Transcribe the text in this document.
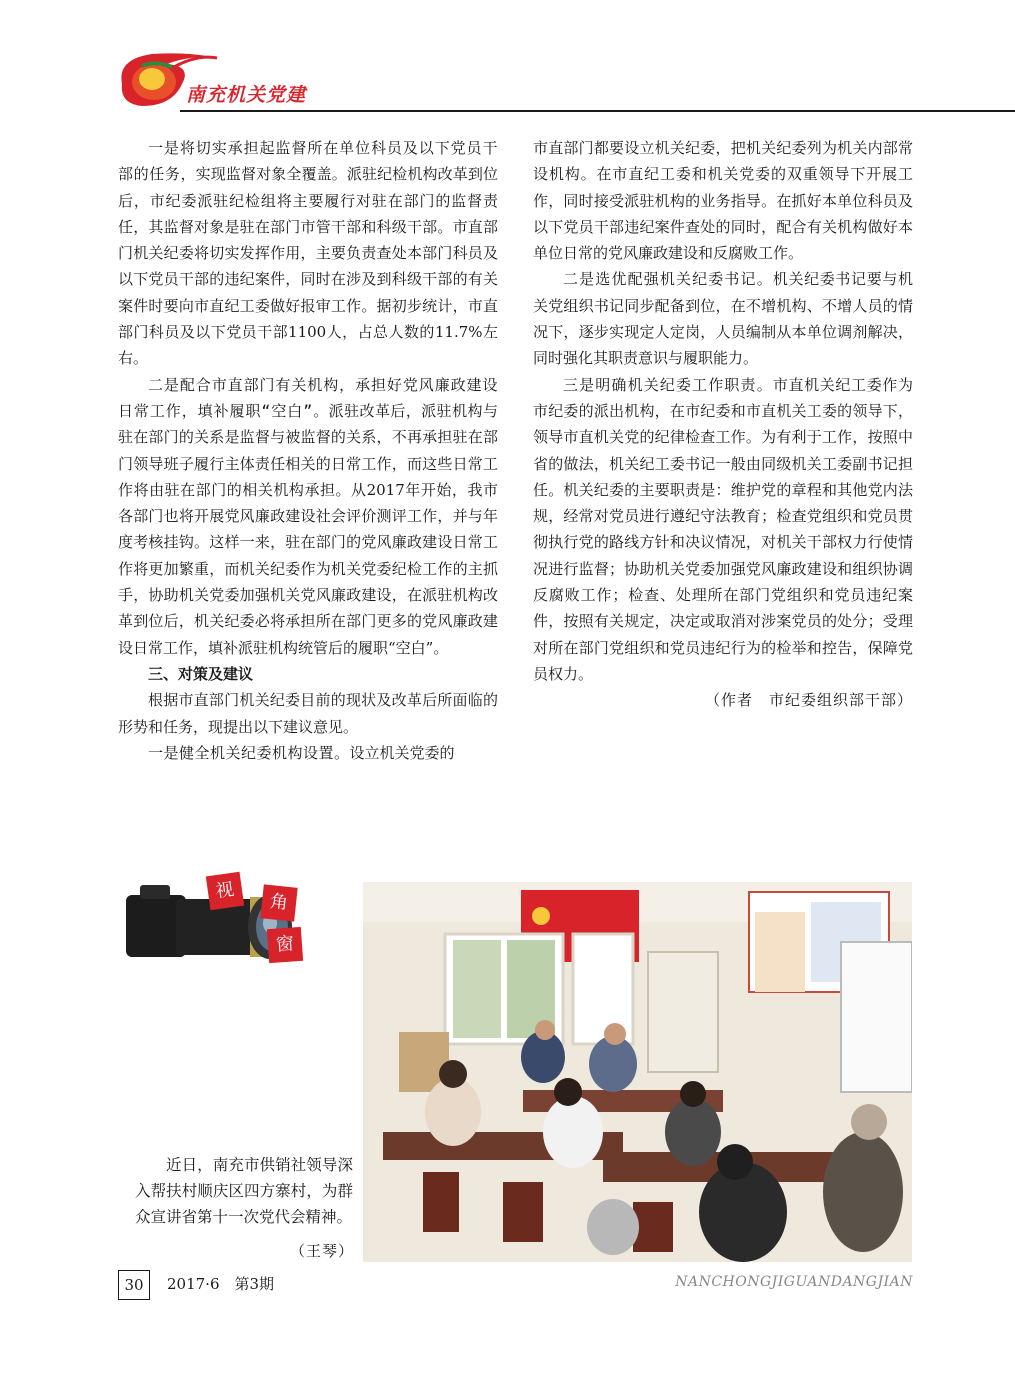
南充机关党建

一是将切实承担起监督所在单位科员及以下党员干部的任务，实现监督对象全覆盖。派驻纪检机构改革到位后，市纪委派驻纪检组将主要履行对驻在部门的监督责任，其监督对象是驻在部门市管干部和科级干部。市直部门机关纪委将切实发挥作用，主要负责查处本部门科员及以下党员干部的违纪案件，同时在涉及到科级干部的有关案件时要向市直纪工委做好报审工作。据初步统计，市直部门科员及以下党员干部1100人，占总人数的11.7%左右。

二是配合市直部门有关机构，承担好党风廉政建设日常工作，填补履职“空白”。派驻改革后，派驻机构与驻在部门的关系是监督与被监督的关系，不再承担驻在部门领导班子履行主体责任相关的日常工作，而这些日常工作将由驻在部门的相关机构承担。从2017年开始，我市各部门也将开展党风廉政建设社会评价测评工作，并与年度考核挂钩。这样一来，驻在部门的党风廉政建设日常工作将更加繁重，而机关纪委作为机关党委纪检工作的主抓手，协助机关党委加强机关党风廉政建设，在派驻机构改革到位后，机关纪委必将承担所在部门更多的党风廉政建设日常工作，填补派驻机构统管后的履职“空白”。

三、对策及建议

根据市直部门机关纪委目前的现状及改革后所面临的形势和任务，现提出以下建议意见。

一是健全机关纪委机构设置。设立机关党委的

市直部门都要设立机关纪委，把机关纪委列为机关内部常设机构。在市直纪工委和机关党委的双重领导下开展工作，同时接受派驻机构的业务指导。在抓好本单位科员及以下党员干部违纪案件查处的同时，配合有关机构做好本单位日常的党风廉政建设和反腐败工作。

二是选优配强机关纪委书记。机关纪委书记要与机关党组织书记同步配备到位，在不增机构、不增人员的情况下，逐步实现定人定岗，人员编制从本单位调剂解决，同时强化其职责意识与履职能力。

三是明确机关纪委工作职责。市直机关纪工委作为市纪委的派出机构，在市纪委和市直机关工委的领导下，领导市直机关党的纪律检查工作。为有利于工作，按照中省的做法，机关纪工委书记一般由同级机关工委副书记担任。机关纪委的主要职责是：维护党的章程和其他党内法规，经常对党员进行遵纪守法教育；检查党组织和党员贯彻执行党的路线方针和决议情况，对机关干部权力行使情况进行监督；协助机关党委加强党风廉政建设和组织协调反腐败工作；检查、处理所在部门党组织和党员违纪案件，按照有关规定，决定或取消对涉案党员的处分；受理对所在部门党组织和党员违纪行为的检举和控告，保障党员权力。

（作者　市纪委组织部干部）

视
角
窗

近日，南充市供销社领导深入帮扶村顺庆区四方寨村，为群众宣讲省第十一次党代会精神。

（王琴）
30	2017·6　第3期	NANCHONGJIGUANDANGJIAN
